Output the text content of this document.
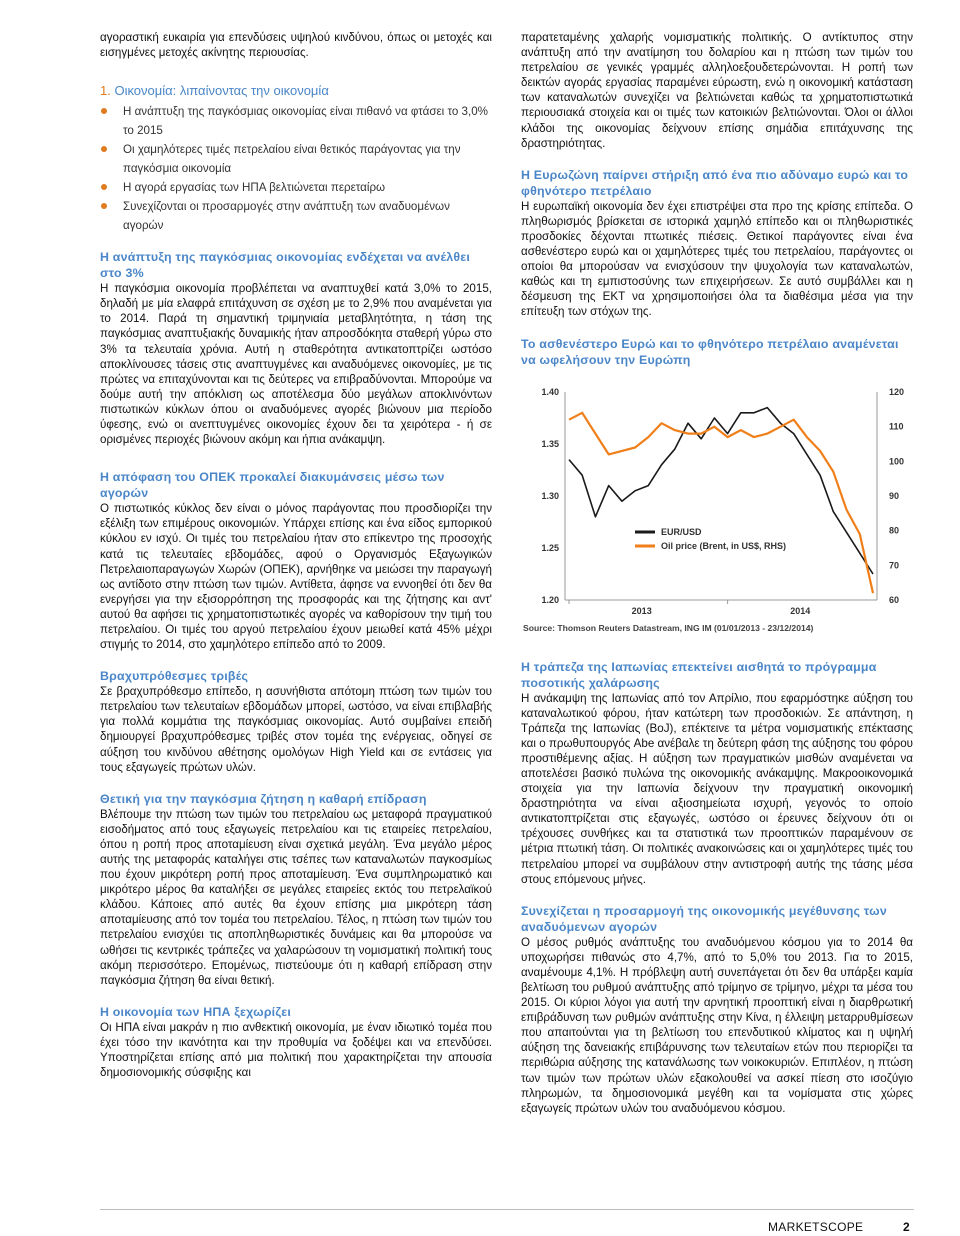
αγοραστική ευκαιρία για επενδύσεις υψηλού κινδύνου, όπως οι μετοχές και εισηγμένες μετοχές ακίνητης περιουσίας.

1. Οικονομία: λιπαίνοντας την οικονομία

Η ανάπτυξη της παγκόσμιας οικονομίας είναι πιθανό να φτάσει το 3,0% το 2015
Οι χαμηλότερες τιμές πετρελαίου είναι θετικός παράγοντας για την παγκόσμια οικονομία
Η αγορά εργασίας των ΗΠΑ βελτιώνεται περεταίρω
Συνεχίζονται οι προσαρμογές στην ανάπτυξη των αναδυομένων αγορών

Η ανάπτυξη της παγκόσμιας οικονομίας ενδέχεται να ανέλθει στο 3%

Η παγκόσμια οικονομία προβλέπεται να αναπτυχθεί κατά 3,0% το 2015, δηλαδή με μία ελαφρά επιτάχυνση σε σχέση με το 2,9% που αναμένεται για το 2014. Παρά τη σημαντική τριμηνιαία μεταβλητότητα, η τάση της παγκόσμιας αναπτυξιακής δυναμικής ήταν απροσδόκητα σταθερή γύρω στο 3% τα τελευταία χρόνια. Αυτή η σταθερότητα αντικατοπτρίζει ωστόσο αποκλίνουσες τάσεις στις αναπτυγμένες και αναδυόμενες οικονομίες, με τις πρώτες να επιταχύνονται και τις δεύτερες να επιβραδύνονται. Μπορούμε να δούμε αυτή την απόκλιση ως αποτέλεσμα δύο μεγάλων αποκλινόντων πιστωτικών κύκλων όπου οι αναδυόμενες αγορές βιώνουν μια περίοδο ύφεσης, ενώ οι ανεπτυγμένες οικονομίες έχουν δει τα χειρότερα - ή σε ορισμένες περιοχές βιώνουν ακόμη και ήπια ανάκαμψη.

Η απόφαση του ΟΠΕΚ προκαλεί διακυμάνσεις μέσω των αγορών

Ο πιστωτικός κύκλος δεν είναι ο μόνος παράγοντας που προσδιορίζει την εξέλιξη των επιμέρους οικονομιών. Υπάρχει επίσης και ένα είδος εμπορικού κύκλου εν ισχύ. Οι τιμές του πετρελαίου ήταν στο επίκεντρο της προσοχής κατά τις τελευταίες εβδομάδες, αφού ο Οργανισμός Εξαγωγικών Πετρελαιοπαραγωγών Χωρών (ΟΠΕΚ), αρνήθηκε να μειώσει την παραγωγή ως αντίδοτο στην πτώση των τιμών. Αντίθετα, άφησε να εννοηθεί ότι δεν θα ενεργήσει για την εξισορρόπηση της προσφοράς και της ζήτησης και αντ' αυτού θα αφήσει τις χρηματοπιστωτικές αγορές να καθορίσουν την τιμή του πετρελαίου. Οι τιμές του αργού πετρελαίου έχουν μειωθεί κατά 45% μέχρι στιγμής το 2014, στο χαμηλότερο επίπεδο από το 2009.

Βραχυπρόθεσμες τριβές

Σε βραχυπρόθεσμο επίπεδο, η ασυνήθιστα απότομη πτώση των τιμών του πετρελαίου των τελευταίων εβδομάδων μπορεί, ωστόσο, να είναι επιβλαβής για πολλά κομμάτια της παγκόσμιας οικονομίας. Αυτό συμβαίνει επειδή δημιουργεί βραχυπρόθεσμες τριβές στον τομέα της ενέργειας, οδηγεί σε αύξηση του κινδύνου αθέτησης ομολόγων High Yield και σε εντάσεις για τους εξαγωγείς πρώτων υλών.

Θετική για την παγκόσμια ζήτηση η καθαρή επίδραση

Βλέπουμε την πτώση των τιμών του πετρελαίου ως μεταφορά πραγματικού εισοδήματος από τους εξαγωγείς πετρελαίου και τις εταιρείες πετρελαίου, όπου η ροπή προς αποταμίευση είναι σχετικά μεγάλη. Ένα μεγάλο μέρος αυτής της μεταφοράς καταλήγει στις τσέπες των καταναλωτών παγκοσμίως που έχουν μικρότερη ροπή προς αποταμίευση. Ένα συμπληρωματικό και μικρότερο μέρος θα καταλήξει σε μεγάλες εταιρείες εκτός του πετρελαϊκού κλάδου. Κάποιες από αυτές θα έχουν επίσης μια μικρότερη τάση αποταμίευσης από τον τομέα του πετρελαίου. Τέλος, η πτώση των τιμών του πετρελαίου ενισχύει τις αποπληθωριστικές δυνάμεις και θα μπορούσε να ωθήσει τις κεντρικές τράπεζες να χαλαρώσουν τη νομισματική πολιτική τους ακόμη περισσότερο. Επομένως, πιστεύουμε ότι η καθαρή επίδραση στην παγκόσμια ζήτηση θα είναι θετική.

Η οικονομία των ΗΠΑ ξεχωρίζει

Οι ΗΠΑ είναι μακράν η πιο ανθεκτική οικονομία, με έναν ιδιωτικό τομέα που έχει τόσο την ικανότητα και την προθυμία να ξοδέψει και να επενδύσει. Υποστηρίζεται επίσης από μια πολιτική που χαρακτηρίζεται την απουσία δημοσιονομικής σύσφιξης και

παρατεταμένης χαλαρής νομισματικής πολιτικής. Ο αντίκτυπος στην ανάπτυξη από την ανατίμηση του δολαρίου και η πτώση των τιμών του πετρελαίου σε γενικές γραμμές αλληλοεξουδετερώνονται. Η ροπή των δεικτών αγοράς εργασίας παραμένει εύρωστη, ενώ η οικονομική κατάσταση των καταναλωτών συνεχίζει να βελτιώνεται καθώς τα χρηματοπιστωτικά περιουσιακά στοιχεία και οι τιμές των κατοικιών βελτιώνονται. Όλοι οι άλλοι κλάδοι της οικονομίας δείχνουν επίσης σημάδια επιτάχυνσης της δραστηριότητας.

Η Ευρωζώνη παίρνει στήριξη από ένα πιο αδύναμο ευρώ και το φθηνότερο πετρέλαιο

Η ευρωπαϊκή οικονομία δεν έχει επιστρέψει στα προ της κρίσης επίπεδα. Ο πληθωρισμός βρίσκεται σε ιστορικά χαμηλό επίπεδο και οι πληθωριστικές προσδοκίες δέχονται πτωτικές πιέσεις. Θετικοί παράγοντες είναι ένα ασθενέστερο ευρώ και οι χαμηλότερες τιμές του πετρελαίου, παράγοντες οι οποίοι θα μπορούσαν να ενισχύσουν την ψυχολογία των καταναλωτών, καθώς και τη εμπιστοσύνης των επιχειρήσεων. Σε αυτό συμβάλλει και η δέσμευση της ΕΚΤ να χρησιμοποιήσει όλα τα διαθέσιμα μέσα για την επίτευξη των στόχων της.

Το ασθενέστερο Ευρώ και το φθηνότερο πετρέλαιο αναμένεται να ωφελήσουν την Ευρώπη

1.40
1.35
1.30
1.25
1.20
120
110
100
90
80
70
60
2013	2014
EUR/USD
Oil price (Brent, in US$, RHS)
Source: Thomson Reuters Datastream, ING IM (01/01/2013 - 23/12/2014)

Η τράπεζα της Ιαπωνίας επεκτείνει αισθητά το πρόγραμμα ποσοτικής χαλάρωσης

Η ανάκαμψη της Ιαπωνίας από τον Απρίλιο, που εφαρμόστηκε αύξηση του καταναλωτικού φόρου, ήταν κατώτερη των προσδοκιών. Σε απάντηση, η Τράπεζα της Ιαπωνίας (BoJ), επέκτεινε τα μέτρα νομισματικής επέκτασης και ο πρωθυπουργός Abe ανέβαλε τη δεύτερη φάση της αύξησης του φόρου προστιθέμενης αξίας. Η αύξηση των πραγματικών μισθών αναμένεται να αποτελέσει βασικό πυλώνα της οικονομικής ανάκαμψης. Μακροοικονομικά στοιχεία για την Ιαπωνία δείχνουν την πραγματική οικονομική δραστηριότητα να είναι αξιοσημείωτα ισχυρή, γεγονός το οποίο αντικατοπτρίζεται στις εξαγωγές, ωστόσο οι έρευνες δείχνουν ότι οι τρέχουσες συνθήκες και τα στατιστικά των προοπτικών παραμένουν σε μέτρια πτωτική τάση. Οι πολιτικές ανακοινώσεις και οι χαμηλότερες τιμές του πετρελαίου μπορεί να συμβάλουν στην αντιστροφή αυτής της τάσης μέσα στους επόμενους μήνες.

Συνεχίζεται η προσαρμογή της οικονομικής μεγέθυνσης των αναδυόμενων αγορών

Ο μέσος ρυθμός ανάπτυξης του αναδυόμενου κόσμου για το 2014 θα υποχωρήσει πιθανώς στο 4,7%, από το 5,0% του 2013. Για το 2015, αναμένουμε 4,1%. Η πρόβλεψη αυτή συνεπάγεται ότι δεν θα υπάρξει καμία βελτίωση του ρυθμού ανάπτυξης από τρίμηνο σε τρίμηνο, μέχρι τα μέσα του 2015. Οι κύριοι λόγοι για αυτή την αρνητική προοπτική είναι η διαρθρωτική επιβράδυνση των ρυθμών ανάπτυξης στην Κίνα, η έλλειψη μεταρρυθμίσεων που απαιτούνται για τη βελτίωση του επενδυτικού κλίματος και η υψηλή αύξηση της δανειακής επιβάρυνσης των τελευταίων ετών που περιορίζει τα περιθώρια αύξησης της κατανάλωσης των νοικοκυριών. Επιπλέον, η πτώση των τιμών των πρώτων υλών εξακολουθεί να ασκεί πίεση στο ισοζύγιο πληρωμών, τα δημοσιονομικά μεγέθη και τα νομίσματα στις χώρες εξαγωγείς πρώτων υλών του αναδυόμενου κόσμου.

MARKETSCOPE	2
